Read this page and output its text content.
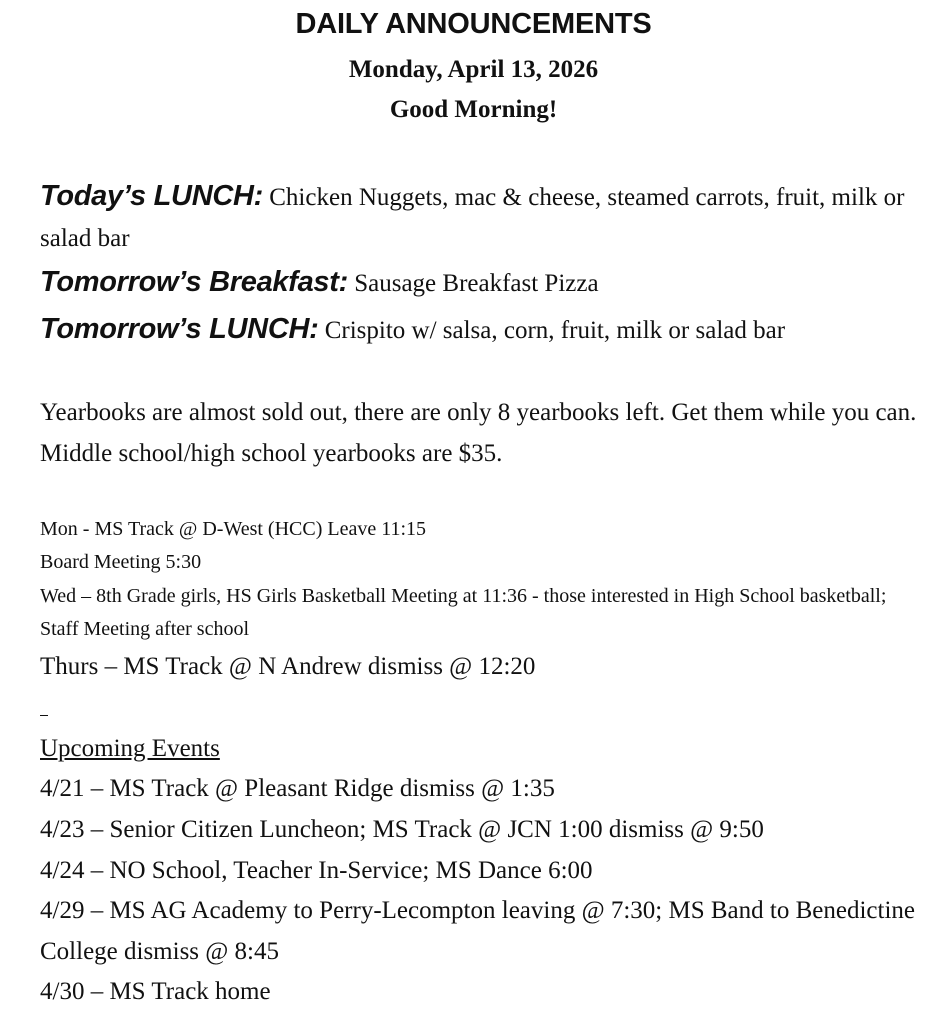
DAILY ANNOUNCEMENTS
Monday, April 13, 2026
Good Morning!
Today’s LUNCH: Chicken Nuggets, mac & cheese, steamed carrots, fruit, milk or salad bar
Tomorrow’s Breakfast: Sausage Breakfast Pizza
Tomorrow’s LUNCH: Crispito w/ salsa, corn, fruit, milk or salad bar
Yearbooks are almost sold out, there are only 8 yearbooks left. Get them while you can. Middle school/high school yearbooks are $35.
Mon - MS Track @ D-West (HCC) Leave 11:15
Board Meeting 5:30
Wed – 8th Grade girls, HS Girls Basketball Meeting at 11:36 - those interested in High School basketball; Staff Meeting after school
Thurs – MS Track @ N Andrew dismiss @ 12:20
Upcoming Events
4/21 – MS Track @ Pleasant Ridge dismiss @ 1:35
4/23 – Senior Citizen Luncheon; MS Track @ JCN 1:00 dismiss @ 9:50
4/24 – NO School, Teacher In-Service; MS Dance 6:00
4/29 – MS AG Academy to Perry-Lecompton leaving @ 7:30; MS Band to Benedictine College dismiss @ 8:45
4/30 – MS Track home
